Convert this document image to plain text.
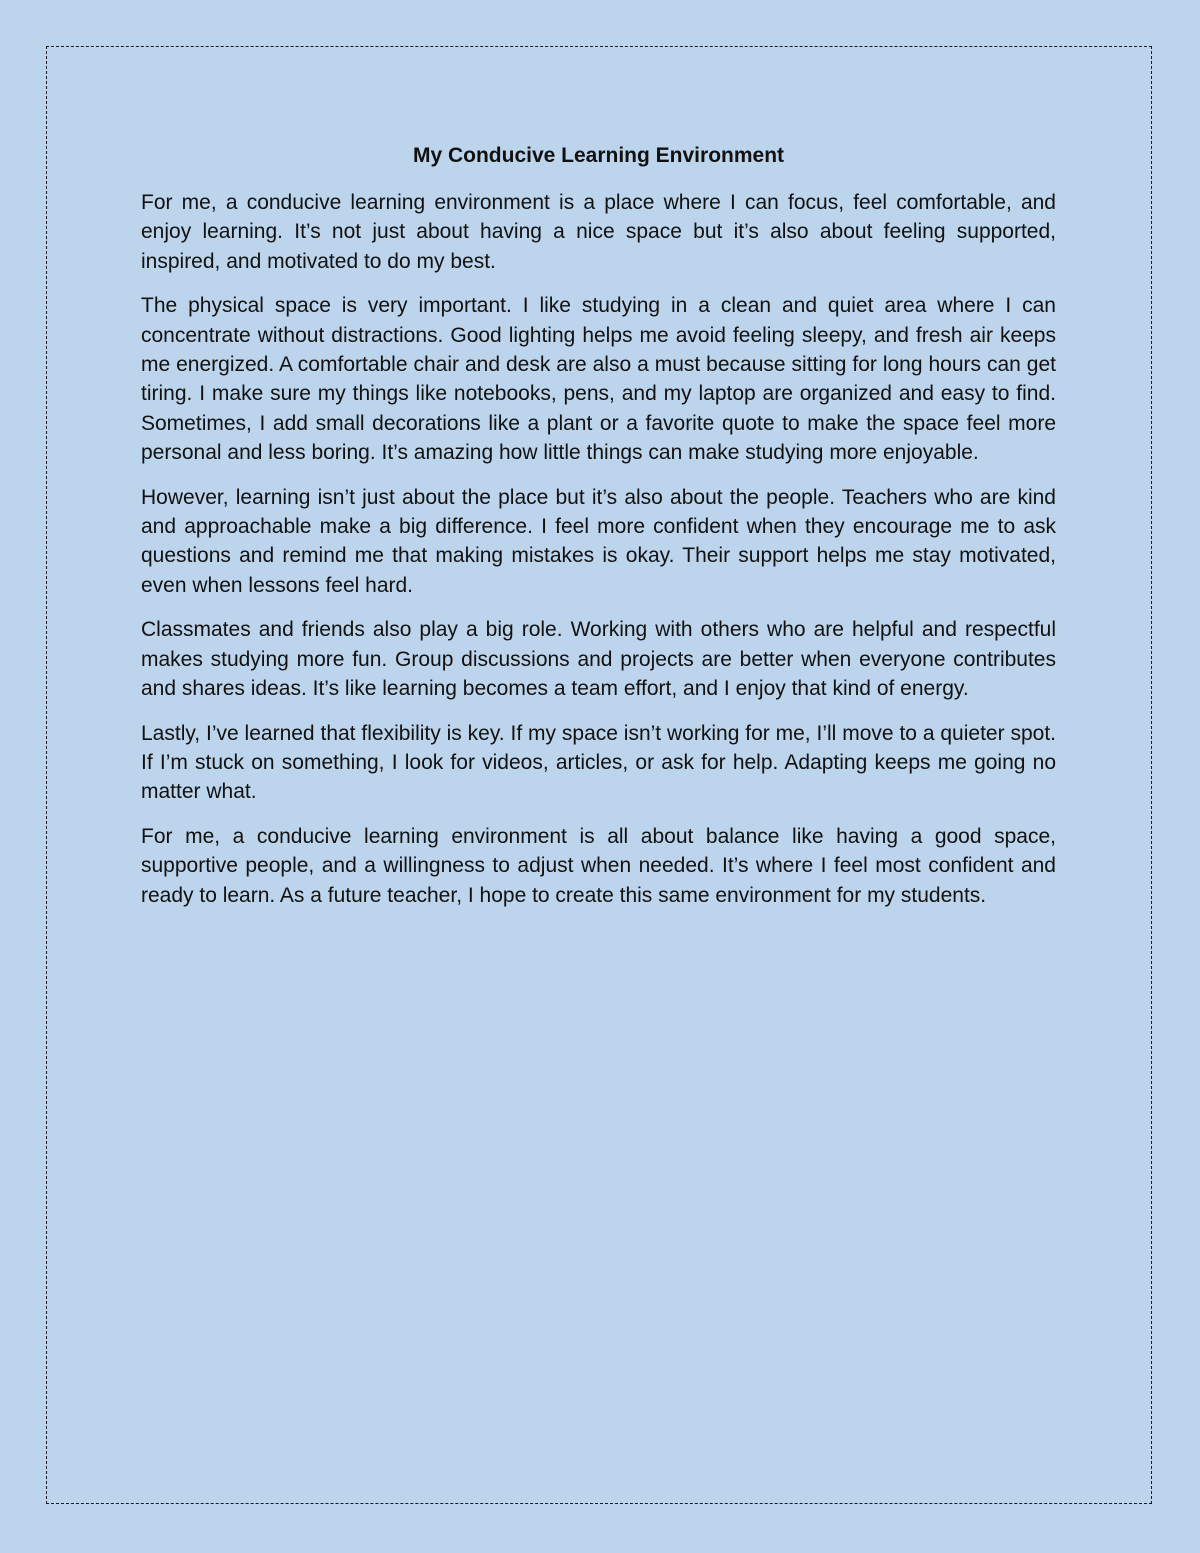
My Conducive Learning Environment

For me, a conducive learning environment is a place where I can focus, feel comfortable, and enjoy learning. It’s not just about having a nice space but it’s also about feeling supported, inspired, and motivated to do my best.

The physical space is very important. I like studying in a clean and quiet area where I can concentrate without distractions. Good lighting helps me avoid feeling sleepy, and fresh air keeps me energized. A comfortable chair and desk are also a must because sitting for long hours can get tiring. I make sure my things like notebooks, pens, and my laptop are organized and easy to find. Sometimes, I add small decorations like a plant or a favorite quote to make the space feel more personal and less boring. It’s amazing how little things can make studying more enjoyable.

However, learning isn’t just about the place but it’s also about the people. Teachers who are kind and approachable make a big difference. I feel more confident when they encourage me to ask questions and remind me that making mistakes is okay. Their support helps me stay motivated, even when lessons feel hard.

Classmates and friends also play a big role. Working with others who are helpful and respectful makes studying more fun. Group discussions and projects are better when everyone contributes and shares ideas. It’s like learning becomes a team effort, and I enjoy that kind of energy.

Lastly, I’ve learned that flexibility is key. If my space isn’t working for me, I’ll move to a quieter spot. If I’m stuck on something, I look for videos, articles, or ask for help. Adapting keeps me going no matter what.

For me, a conducive learning environment is all about balance like having a good space, supportive people, and a willingness to adjust when needed. It’s where I feel most confident and ready to learn. As a future teacher, I hope to create this same environment for my students.
